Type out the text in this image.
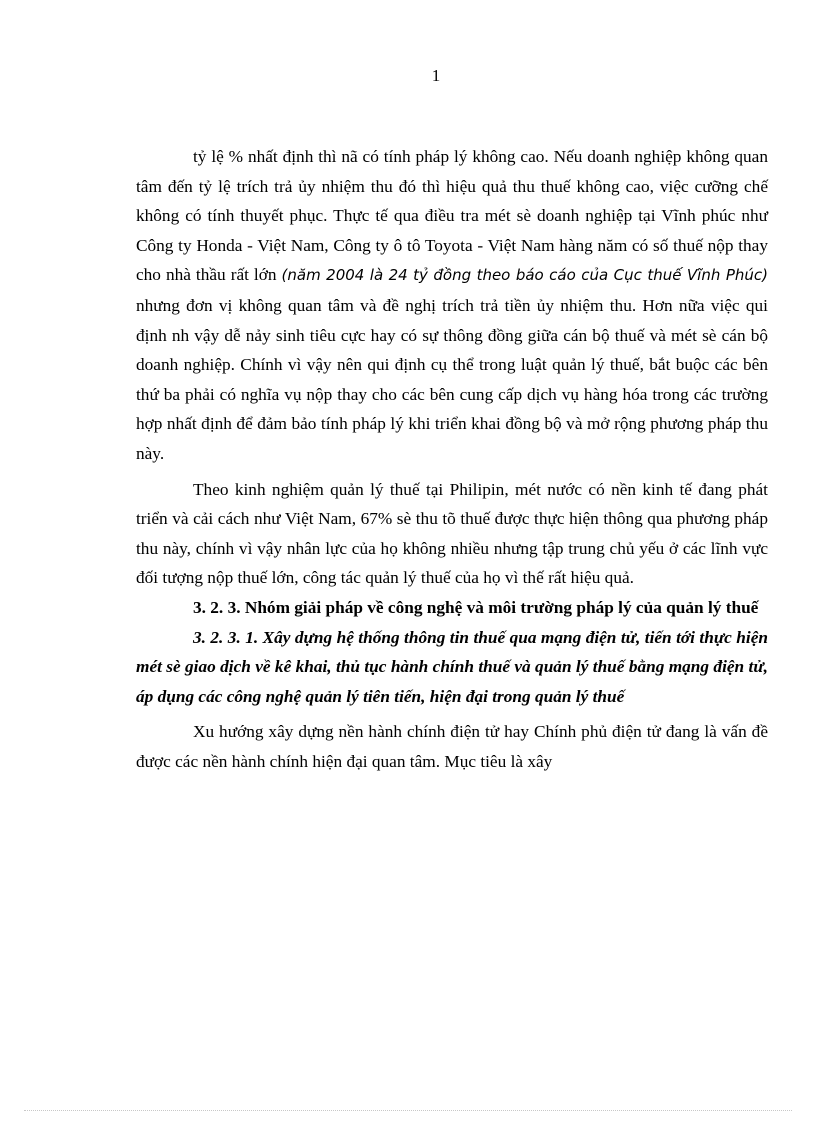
1

tỷ lệ % nhất định thì nã có tính pháp lý không cao. Nếu doanh nghiệp không quan tâm đến tỷ lệ trích trả ủy nhiệm thu đó thì hiệu quả thu thuế không cao, việc cưỡng chế không có tính thuyết phục. Thực tế qua điều tra mét sè doanh nghiệp tại Vĩnh phúc như Công ty Honda - Việt Nam, Công ty ô tô Toyota - Việt Nam hàng năm có số thuế nộp thay cho nhà thầu rất lớn (năm 2004 là 24 tỷ đồng theo báo cáo của Cục thuế Vĩnh Phúc) nhưng đơn vị không quan tâm và đề nghị trích trả tiền ủy nhiệm thu. Hơn nữa việc qui định nh vậy dễ nảy sinh tiêu cực hay có sự thông đồng giữa cán bộ thuế và mét sè cán bộ doanh nghiệp. Chính vì vậy nên qui định cụ thể trong luật quản lý thuế, bắt buộc các bên thứ ba phải có nghĩa vụ nộp thay cho các bên cung cấp dịch vụ hàng hóa trong các trường hợp nhất định để đảm bảo tính pháp lý khi triển khai đồng bộ và mở rộng phương pháp thu này.

Theo kinh nghiệm quản lý thuế tại Philipin, mét nước có nền kinh tế đang phát triển và cải cách như Việt Nam, 67% sè thu tõ thuế được thực hiện thông qua phương pháp thu này, chính vì vậy nhân lực của họ không nhiều nhưng tập trung chủ yếu ở các lĩnh vực đối tượng nộp thuế lớn, công tác quản lý thuế của họ vì thế rất hiệu quả.

3. 2. 3. Nhóm giải pháp về công nghệ và môi trường pháp lý của quản lý thuế

3. 2. 3. 1. Xây dựng hệ thống thông tin thuế qua mạng điện tử, tiến tới thực hiện mét sè giao dịch về kê khai, thủ tục hành chính thuế và quản lý thuế bằng mạng điện tử, áp dụng các công nghệ quản lý tiên tiến, hiện đại trong quản lý thuế

Xu hướng xây dựng nền hành chính điện tử hay Chính phủ điện tử đang là vấn đề được các nền hành chính hiện đại quan tâm. Mục tiêu là xây
